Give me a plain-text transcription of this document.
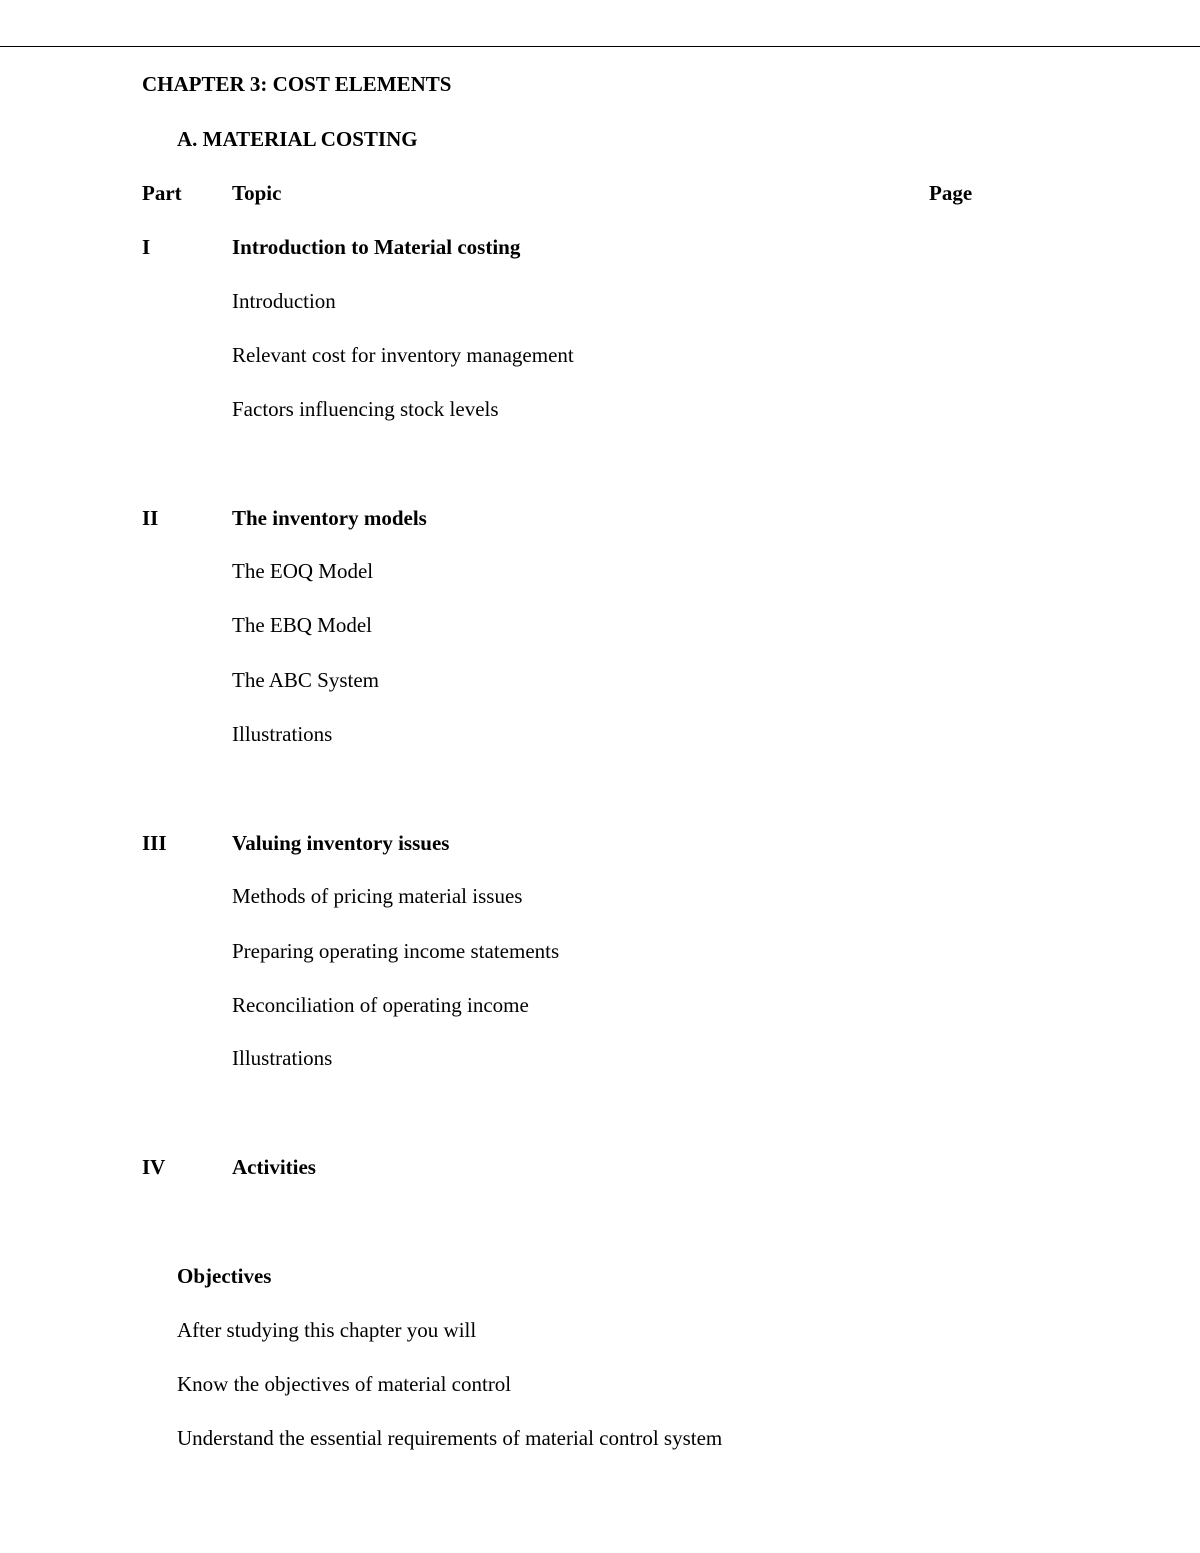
CHAPTER 3: COST ELEMENTS
A. MATERIAL COSTING
Part Topic	Page
I	Introduction to Material costing
Introduction
Relevant cost for inventory management
Factors influencing stock levels
II	The inventory models
The EOQ Model
The EBQ Model
The ABC System
Illustrations
III	Valuing inventory issues
Methods of pricing material issues
Preparing operating income statements
Reconciliation of operating income
Illustrations
IV	Activities
Objectives
After studying this chapter you will
Know the objectives of material control
Understand the essential requirements of material control system
